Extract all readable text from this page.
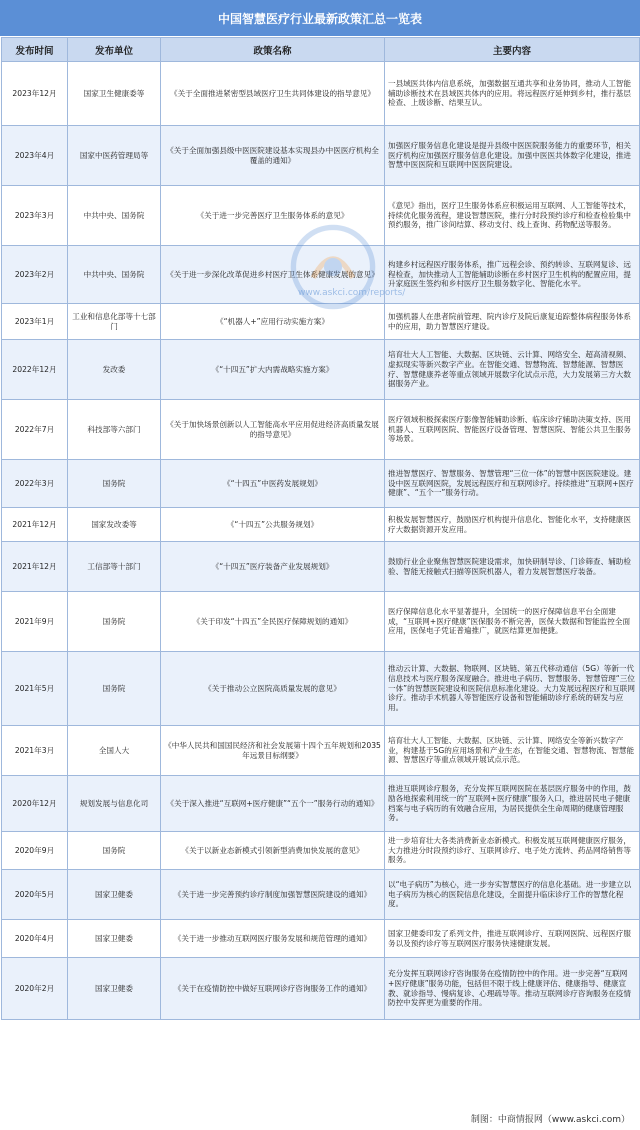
中国智慧医疗行业最新政策汇总一览表
发布时间	发布单位	政策名称	主要内容
2023年12月	国家卫生健康委等	《关于全面推进紧密型县域医疗卫生共同体建设的指导意见》	一县域医共体内信息系统，加强数据互通共享和业务协同，推动人工智能辅助诊断技术在县域医共体内的应用。将远程医疗延伸到乡村，推行基层检查、上级诊断、结果互认。
2023年4月	国家中医药管理局等	《关于全面加强县级中医医院建设基本实现县办中医医疗机构全覆盖的通知》	加强医疗服务信息化建设是提升县级中医医院服务能力的重要环节，相关医疗机构应加强医疗服务信息化建设。加强中医医共体数字化建设，推进智慧中医医院和互联网中医医院建设。
2023年3月	中共中央、国务院	《关于进一步完善医疗卫生服务体系的意见》	《意见》指出，医疗卫生服务体系应积极运用互联网、人工智能等技术，持续优化服务流程，建设智慧医院，推行分时段预约诊疗和检查检验集中预约服务，推广诊间结算、移动支付、线上查询、药物配送等服务。
2023年2月	中共中央、国务院	《关于进一步深化改革促进乡村医疗卫生体系健康发展的意见》	构建乡村远程医疗服务体系，推广远程会诊、预约转诊、互联网复诊、远程检查，加快推动人工智能辅助诊断在乡村医疗卫生机构的配置应用，提升家庭医生签约和乡村医疗卫生服务数字化、智能化水平。
2023年1月	工业和信息化部等十七部门	《“机器人+”应用行动实施方案》	加强机器人在患者院前管理、院内诊疗及院后康复追踪整体病程服务体系中的应用，助力智慧医疗建设。
2022年12月	发改委	《“十四五”扩大内需战略实施方案》	培育壮大人工智能、大数据、区块链、云计算、网络安全、超高清视频、虚拟现实等新兴数字产业。在智能交通、智慧物流、智慧能源、智慧医疗、智慧健康养老等重点领域开展数字化试点示范，大力发展第三方大数据服务产业。
2022年7月	科技部等六部门	《关于加快场景创新以人工智能高水平应用促进经济高质量发展的指导意见》	医疗领域积极探索医疗影像智能辅助诊断、临床诊疗辅助决策支持、医用机器人、互联网医院、智能医疗设备管理、智慧医院、智能公共卫生服务等场景。
2022年3月	国务院	《“十四五”中医药发展规划》	推进智慧医疗、智慧服务、智慧管理“三位一体”的智慧中医医院建设。建设中医互联网医院，发展远程医疗和互联网诊疗。持续推进“互联网+医疗健康”、“五个一”服务行动。
2021年12月	国家发改委等	《“十四五”公共服务规划》	积极发展智慧医疗，鼓励医疗机构提升信息化、智能化水平，支持健康医疗大数据资源开发应用。
2021年12月	工信部等十部门	《“十四五”医疗装备产业发展规划》	鼓励行业企业聚焦智慧医院建设需求，加快研制导诊、门诊筛查、辅助检验、智能无接触式扫描等医院机器人，着力发展智慧医疗装备。
2021年9月	国务院	《关于印发“十四五”全民医疗保障规划的通知》	医疗保障信息化水平显著提升，全国统一的医疗保障信息平台全面建成，“互联网+医疗健康”医保服务不断完善，医保大数据和智能监控全面应用，医保电子凭证普遍推广，就医结算更加便捷。
2021年5月	国务院	《关于推动公立医院高质量发展的意见》	推动云计算、大数据、物联网、区块链、第五代移动通信（5G）等新一代信息技术与医疗服务深度融合。推进电子病历、智慧服务、智慧管理“三位一体”的智慧医院建设和医院信息标准化建设。大力发展远程医疗和互联网诊疗。推动手术机器人等智能医疗设备和智能辅助诊疗系统的研发与应用。
2021年3月	全国人大	《中华人民共和国国民经济和社会发展第十四个五年规划和2035年远景目标纲要》	培育壮大人工智能、大数据、区块链、云计算、网络安全等新兴数字产业，构建基于5G的应用场景和产业生态，在智能交通、智慧物流、智慧能源、智慧医疗等重点领域开展试点示范。
2020年12月	规划发展与信息化司	《关于深入推进“互联网+医疗健康”“五个一”服务行动的通知》	推进互联网诊疗服务，充分发挥互联网医院在基层医疗服务中的作用，鼓励各地探索利用统一的“互联网+医疗健康”服务入口，推进居民电子健康档案与电子病历的有效融合应用，为居民提供全生命周期的健康管理服务。
2020年9月	国务院	《关于以新业态新模式引领新型消费加快发展的意见》	进一步培育壮大各类消费新业态新模式。积极发展互联网健康医疗服务，大力推进分时段预约诊疗、互联网诊疗、电子处方流转、药品网络销售等服务。
2020年5月	国家卫健委	《关于进一步完善预约诊疗制度加强智慧医院建设的通知》	以“电子病历”为核心，进一步夯实智慧医疗的信息化基础。进一步建立以电子病历为核心的医院信息化建设，全面提升临床诊疗工作的智慧化程度。
2020年4月	国家卫健委	《关于进一步推动互联网医疗服务发展和规范管理的通知》	国家卫健委印发了系列文件，推进互联网诊疗、互联网医院、远程医疗服务以及预约诊疗等互联网医疗服务快速健康发展。
2020年2月	国家卫健委	《关于在疫情防控中做好互联网诊疗咨询服务工作的通知》	充分发挥互联网诊疗咨询服务在疫情防控中的作用。进一步完善“互联网+医疗健康”服务功能，包括但不限于线上健康评估、健康指导、健康宣教、就诊指导、慢病复诊、心理疏导等。推动互联网诊疗咨询服务在疫情防控中发挥更为重要的作用。
www.askci.com/reports/
制图：中商情报网（www.askci.com）
